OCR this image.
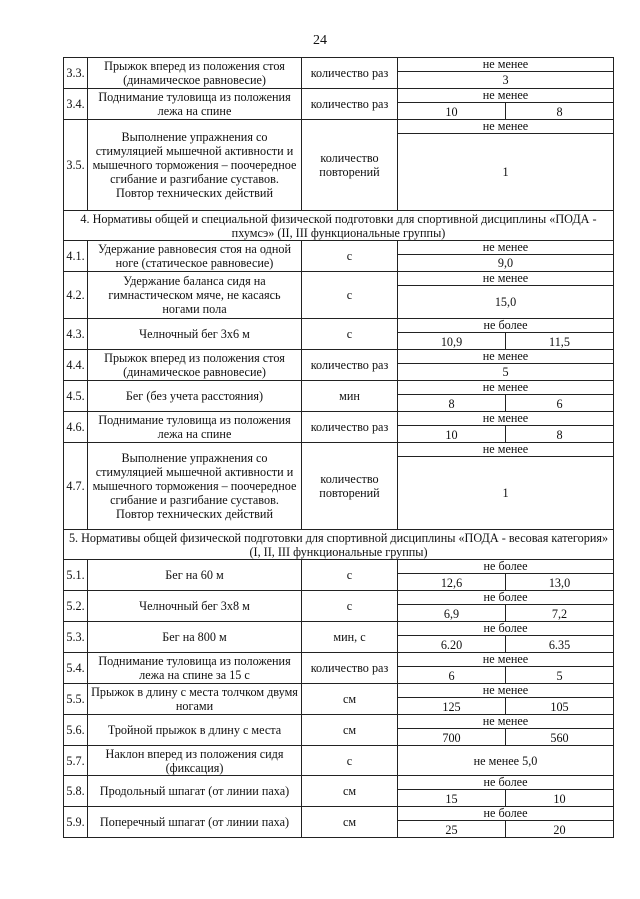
24
3.3.	Прыжок вперед из положения стоя (динамическое равновесие)	количество раз	не менее
3

3.4.	Поднимание туловища из положения лежа на спине	количество раз	не менее
10 8

3.5.	Выполнение упражнения со стимуляцией мышечной активности и мышечного торможения – поочередное сгибание и разгибание суставов. Повтор технических действий	количество повторений	не менее
1

4. Нормативы общей и специальной физической подготовки для спортивной дисциплины «ПОДА - пхумсэ» (II, III функциональные группы)			
4.1.	Удержание равновесия стоя на одной ноге (статическое равновесие)	с	не менее
9,0

4.2.	Удержание баланса сидя на гимнастическом мяче, не касаясь ногами пола	с	не менее
15,0

4.3.	Челночный бег 3х6 м	с	не более
10,9 11,5

4.4.	Прыжок вперед из положения стоя (динамическое равновесие)	количество раз	не менее
5

4.5.	Бег (без учета расстояния)	мин	не менее
8 6

4.6.	Поднимание туловища из положения лежа на спине	количество раз	не менее
10 8

4.7.	Выполнение упражнения со стимуляцией мышечной активности и мышечного торможения – поочередное сгибание и разгибание суставов. Повтор технических действий	количество повторений	не менее
1

5. Нормативы общей физической подготовки для спортивной дисциплины «ПОДА - весовая категория» (I, II, III функциональные группы)			
5.1.	Бег на 60 м	с	не более
12,6 13,0

5.2.	Челночный бег 3х8 м	с	не более
6,9 7,2

5.3.	Бег на 800 м	мин, с	не более
6.20 6.35

5.4.	Поднимание туловища из положения лежа на спине за 15 с	количество раз	не менее
6 5

5.5.	Прыжок в длину с места толчком двумя ногами	см	не менее
125 105

5.6.	Тройной прыжок в длину с места	см	не менее
700 560

5.7.	Наклон вперед из положения сидя (фиксация)	с	не менее 5,0

5.8.	Продольный шпагат (от линии паха)	см	не более
15 10

5.9.	Поперечный шпагат (от линии паха)	см	не более
25 20
